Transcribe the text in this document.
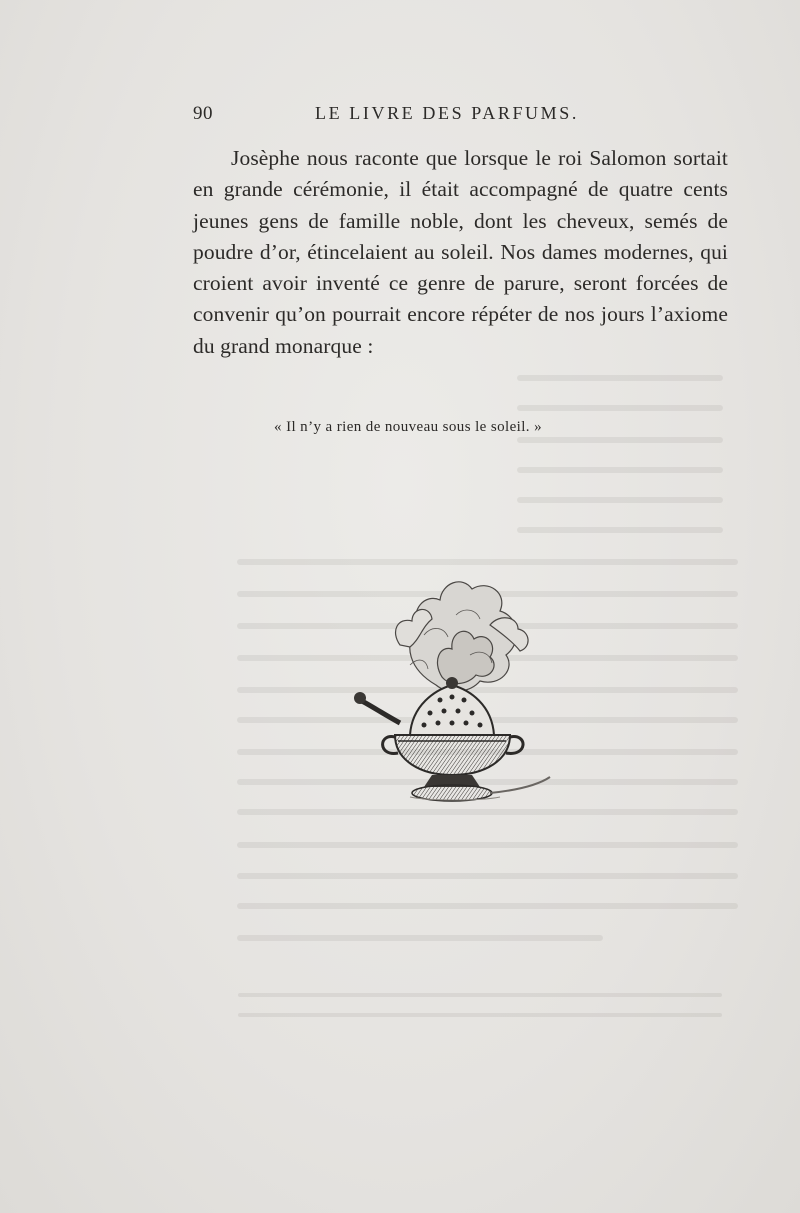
90	LE LIVRE DES PARFUMS.

Josèphe nous raconte que lorsque le roi Salomon sortait en grande cérémonie, il était accompagné de quatre cents jeunes gens de famille noble, dont les cheveux, semés de poudre d’or, étincelaient au soleil. Nos dames modernes, qui croient avoir inventé ce genre de parure, seront forcées de convenir qu’on pourrait encore répéter de nos jours l’axiome du grand monarque :

« Il n’y a rien de nouveau sous le soleil. »
